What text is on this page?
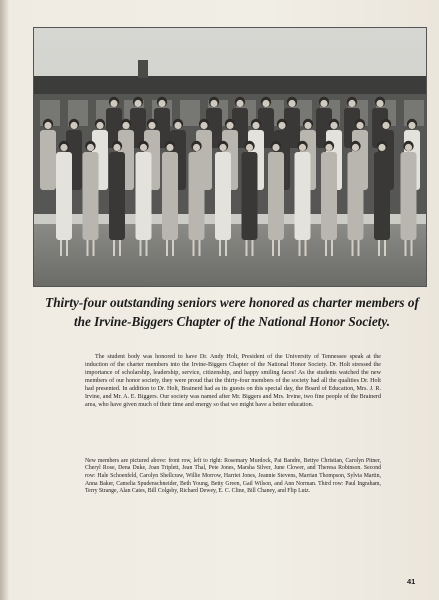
Thirty-four outstanding seniors were honored as charter members of the Irvine-Biggers Chapter of the National Honor Society.

The student body was honored to have Dr. Andy Holt, President of the University of Tennessee speak at the induction of the charter members into the Irvine-Biggers Chapter of the National Honor Society. Dr. Holt stressed the importance of scholarship, leadership, service, citizenship, and happy smiling faces! As the students watched the new members of our honor society, they were proud that the thirty-four members of the society had all the qualities Dr. Holt had presented. In addition to Dr. Holt, Brainerd had as its guests on this special day, the Board of Education, Mrs. J. R. Irvine, and Mr. A. E. Biggers. Our society was named after Mr. Biggers and Mrs. Irvine, two fine people of the Brainerd area, who have given much of their time and energy so that we might have a better education.

New members are pictured above: front row, left to right: Rosemary Murdock, Pat Bandre, Bettye Christian, Carolyn Pitner, Cheryl Rose, Dena Duke, Joan Triplett, Jean Thal, Pete Jones, Marsha Silver, June Clower, and Theresa Robinson. Second row: Hale Schoenfeld, Carolyn Shellcraw, Willie Morrow, Harriet Jones, Jeannie Stevens, Marrian Thompson, Sylvia Martin, Anna Baker, Camelia Spudenschneider, Beth Young, Betty Green, Gail Wilson, and Ann Norman. Third row: Paul Ingraham, Terry Strange, Alan Cates, Bill Colgsby, Richard Dewey, E. C. Cline, Bill Chaney, and Flip Lutz.

41
